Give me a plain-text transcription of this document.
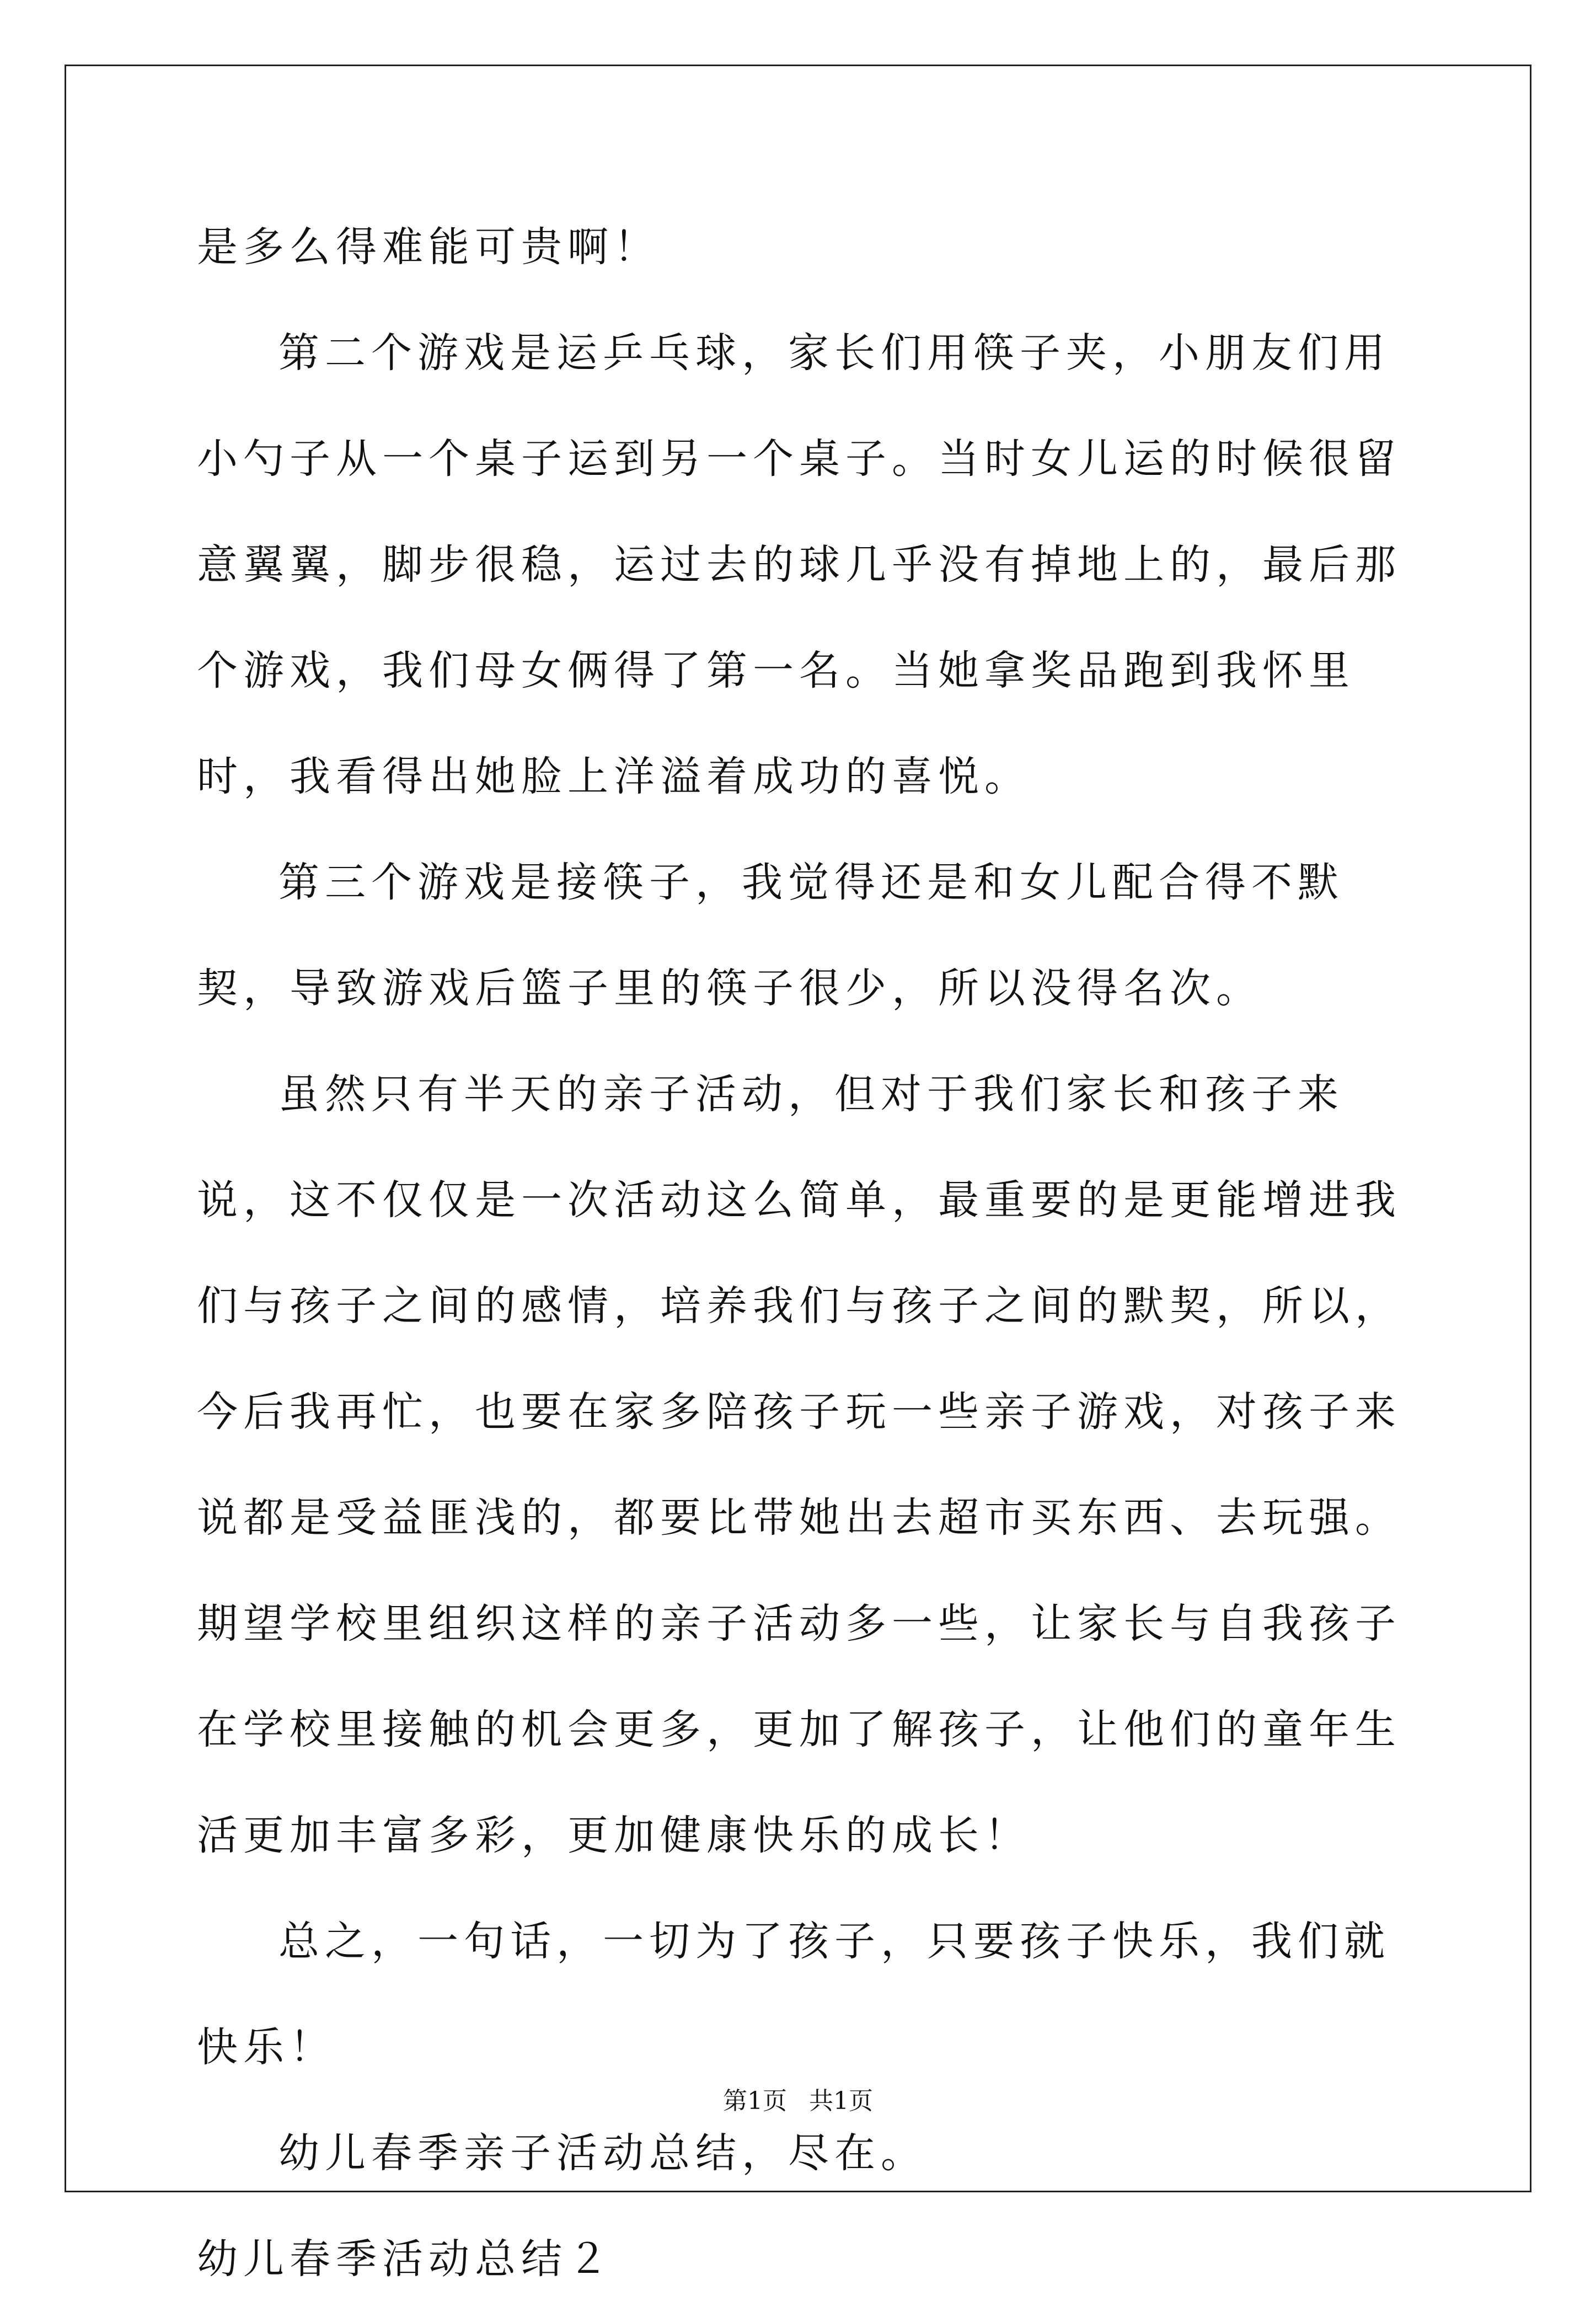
是多么得难能可贵啊！

第二个游戏是运乒乓球，家长们用筷子夹，小朋友们用小勺子从一个桌子运到另一个桌子。当时女儿运的时候很留意翼翼，脚步很稳，运过去的球几乎没有掉地上的，最后那个游戏，我们母女俩得了第一名。当她拿奖品跑到我怀里时，我看得出她脸上洋溢着成功的喜悦。

第三个游戏是接筷子，我觉得还是和女儿配合得不默契，导致游戏后篮子里的筷子很少，所以没得名次。

虽然只有半天的亲子活动，但对于我们家长和孩子来说，这不仅仅是一次活动这么简单，最重要的是更能增进我们与孩子之间的感情，培养我们与孩子之间的默契，所以，今后我再忙，也要在家多陪孩子玩一些亲子游戏，对孩子来说都是受益匪浅的，都要比带她出去超市买东西、去玩强。期望学校里组织这样的亲子活动多一些，让家长与自我孩子在学校里接触的机会更多，更加了解孩子，让他们的童年生活更加丰富多彩，更加健康快乐的成长！

总之，一句话，一切为了孩子，只要孩子快乐，我们就快乐！

幼儿春季亲子活动总结，尽在。

幼儿春季活动总结２

第1页 共1页
